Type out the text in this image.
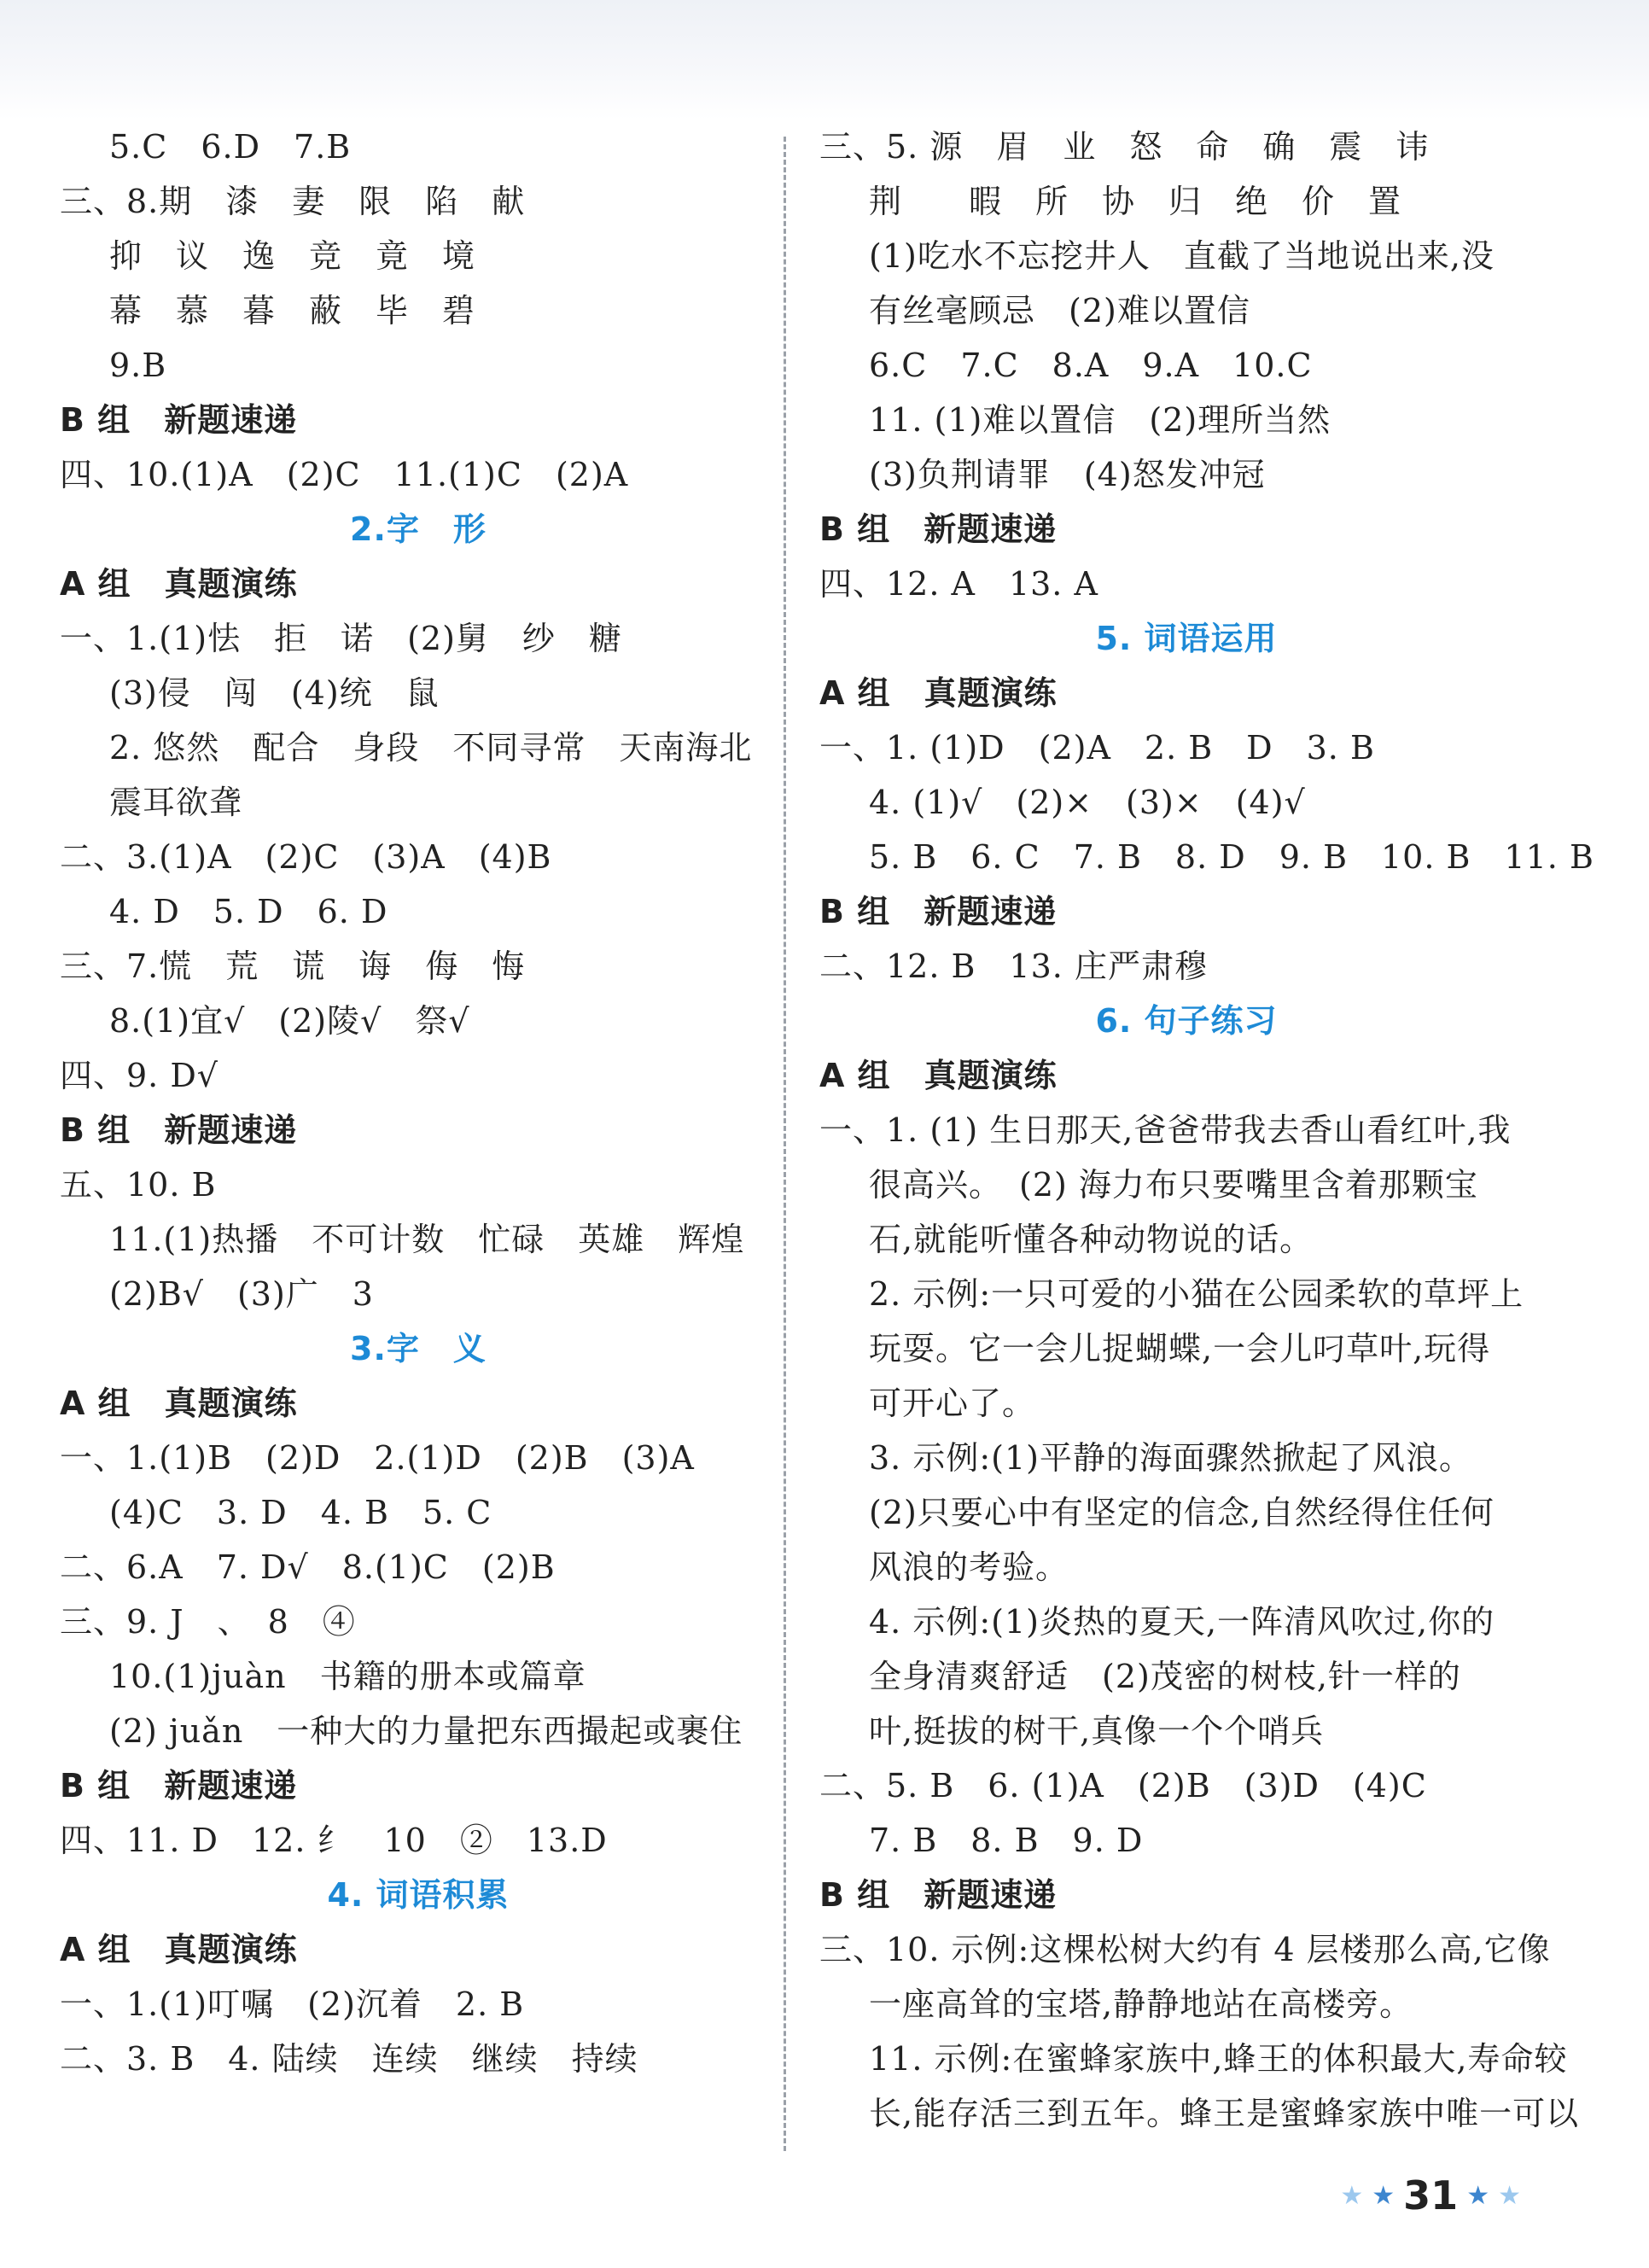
5.C　6.D　7.B
三、8.期　漆　妻　限　陷　献
抑　议　逸　竞　竟　境
幕　慕　暮　蔽　毕　碧
9.B
B 组　新题速递
四、10.(1)A　(2)C　11.(1)C　(2)A
2.字　形
A 组　真题演练
一、1.(1)怯　拒　诺　(2)舅　纱　糖
(3)侵　闯　(4)统　鼠
2. 悠然　配合　身段　不同寻常　天南海北
震耳欲聋
二、3.(1)A　(2)C　(3)A　(4)B
4. D　5. D　6. D
三、7.慌　荒　谎　诲　侮　悔
8.(1)宜√　(2)陵√　祭√
四、9. D√
B 组　新题速递
五、10. B
11.(1)热播　不可计数　忙碌　英雄　辉煌
(2)B√　(3)广　3
3.字　义
A 组　真题演练
一、1.(1)B　(2)D　2.(1)D　(2)B　(3)A
(4)C　3. D　4. B　5. C
二、6.A　7. D√　8.(1)C　(2)B
三、9. J　、　8　④
10.(1)juàn　书籍的册本或篇章
(2) juǎn　一种大的力量把东西撮起或裹住
B 组　新题速递
四、11. D　12. 纟　10　②　13.D
4. 词语积累
A 组　真题演练
一、1.(1)叮嘱　(2)沉着　2. B
二、3. B　4. 陆续　连续　继续　持续
三、5. 源　眉　业　怒　命　确　震　讳
荆　　暇　所　协　归　绝　价　置
(1)吃水不忘挖井人　直截了当地说出来,没
有丝毫顾忌　(2)难以置信
6.C　7.C　8.A　9.A　10.C
11. (1)难以置信　(2)理所当然
(3)负荆请罪　(4)怒发冲冠
B 组　新题速递
四、12. A　13. A
5. 词语运用
A 组　真题演练
一、1. (1)D　(2)A　2. B　D　3. B
4. (1)√　(2)×　(3)×　(4)√
5. B　6. C　7. B　8. D　9. B　10. B　11. B
B 组　新题速递
二、12. B　13. 庄严肃穆
6. 句子练习
A 组　真题演练
一、1. (1) 生日那天,爸爸带我去香山看红叶,我
很高兴。　(2) 海力布只要嘴里含着那颗宝
石,就能听懂各种动物说的话。
2. 示例:一只可爱的小猫在公园柔软的草坪上
玩耍。它一会儿捉蝴蝶,一会儿叼草叶,玩得
可开心了。
3. 示例:(1)平静的海面骤然掀起了风浪。
(2)只要心中有坚定的信念,自然经得住任何
风浪的考验。
4. 示例:(1)炎热的夏天,一阵清风吹过,你的
全身清爽舒适　(2)茂密的树枝,针一样的
叶,挺拔的树干,真像一个个哨兵
二、5. B　6. (1)A　(2)B　(3)D　(4)C
7. B　8. B　9. D
B 组　新题速递
三、10. 示例:这棵松树大约有 4 层楼那么高,它像
一座高耸的宝塔,静静地站在高楼旁。
11. 示例:在蜜蜂家族中,蜂王的体积最大,寿命较
长,能存活三到五年。蜂王是蜜蜂家族中唯一可以
★ ★ 31 ★ ★
